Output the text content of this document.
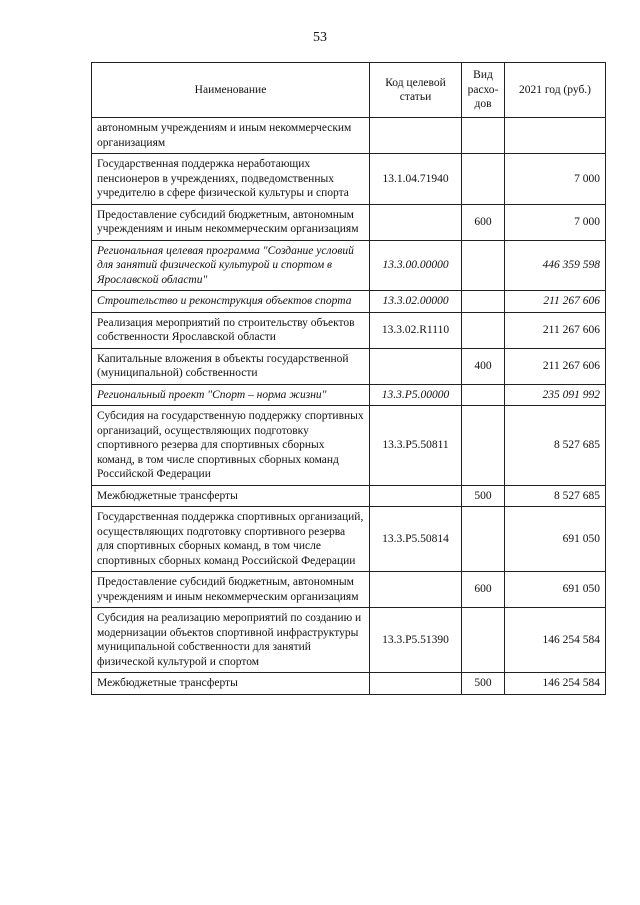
53
Наименование	Код целевой статьи	Вид расхо-дов	2021 год (руб.)
автономным учреждениям и иным некоммерческим организациям			
Государственная поддержка неработающих пенсионеров в учреждениях, подведомственных учредителю в сфере физической культуры и спорта	13.1.04.71940		7 000
Предоставление субсидий бюджетным, автономным учреждениям и иным некоммерческим организациям		600	7 000
Региональная целевая программа "Создание условий для занятий физической культурой и спортом в Ярославской области"	13.3.00.00000		446 359 598
Строительство и реконструкция объектов спорта	13.3.02.00000		211 267 606
Реализация мероприятий по строительству объектов собственности Ярославской области	13.3.02.R1110		211 267 606
Капитальные вложения в объекты государственной (муниципальной) собственности		400	211 267 606
Региональный проект "Спорт – норма жизни"	13.3.P5.00000		235 091 992
Субсидия на государственную поддержку спортивных организаций, осуществляющих подготовку спортивного резерва для спортивных сборных команд, в том числе спортивных сборных команд Российской Федерации	13.3.P5.50811		8 527 685
Межбюджетные трансферты		500	8 527 685
Государственная поддержка спортивных организаций, осуществляющих подготовку спортивного резерва для спортивных сборных команд, в том числе спортивных сборных команд Российской Федерации	13.3.P5.50814		691 050
Предоставление субсидий бюджетным, автономным учреждениям и иным некоммерческим организациям		600	691 050
Субсидия на реализацию мероприятий по созданию и модернизации объектов спортивной инфраструктуры муниципальной собственности для занятий физической культурой и спортом	13.3.P5.51390		146 254 584
Межбюджетные трансферты		500	146 254 584
